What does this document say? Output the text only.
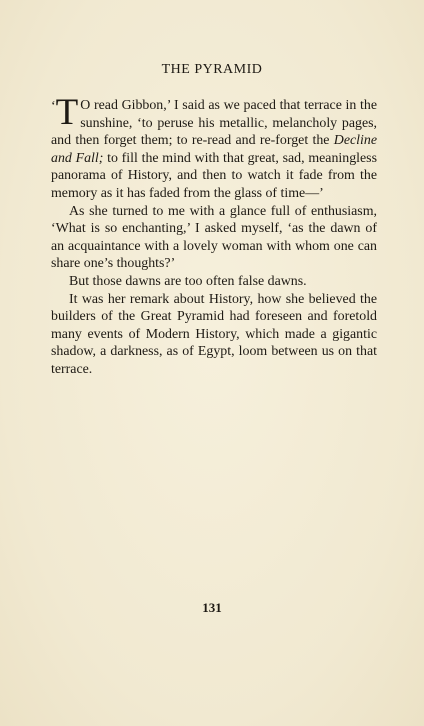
THE PYRAMID

‘ T O read Gibbon,’ I said as we paced that terrace in the sunshine, ‘to peruse his metallic, melancholy pages, and then forget them; to re-read and re-forget the Decline and Fall; to fill the mind with that great, sad, meaningless panorama of History, and then to watch it fade from the memory as it has faded from the glass of time—’

As she turned to me with a glance full of enthusiasm, ‘What is so enchanting,’ I asked myself, ‘as the dawn of an acquaintance with a lovely woman with whom one can share one’s thoughts?’

But those dawns are too often false dawns.

It was her remark about History, how she believed the builders of the Great Pyramid had foreseen and foretold many events of Modern History, which made a gigantic shadow, a darkness, as of Egypt, loom between us on that terrace.

131
